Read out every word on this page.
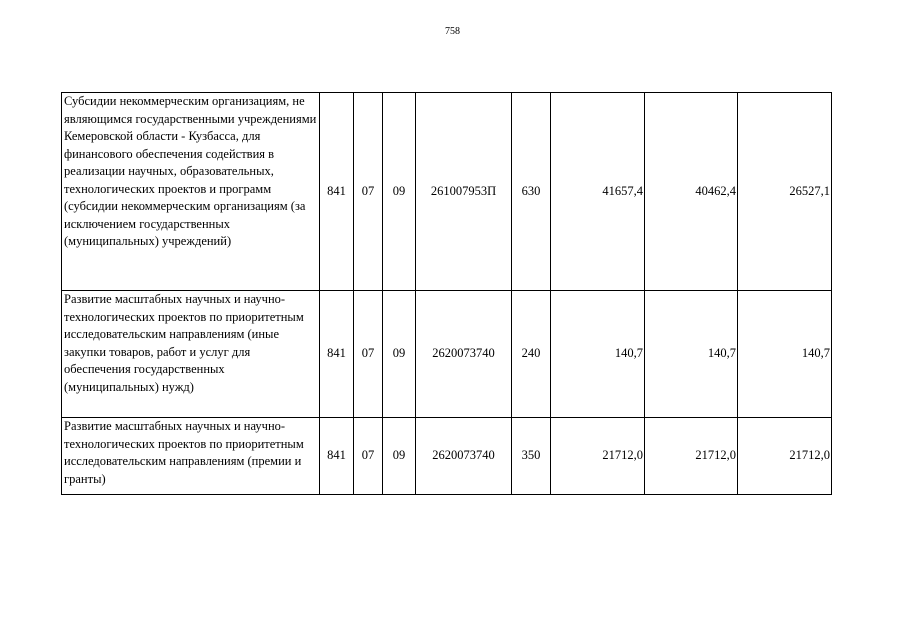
758
Субсидии некоммерческим организациям, не являющимся государственными учреждениями Кемеровской области - Кузбасса, для финансового обеспечения содействия в реализации научных, образовательных, технологических проектов и программ (субсидии некоммерческим организациям (за исключением государственных (муниципальных) учреждений)	841	07	09	261007953П	630	41657,4	40462,4	26527,1
Развитие масштабных научных и научно-технологических проектов по приоритетным исследовательским направлениям (иные закупки товаров, работ и услуг для обеспечения государственных (муниципальных) нужд)	841	07	09	2620073740	240	140,7	140,7	140,7
Развитие масштабных научных и научно-технологических проектов по приоритетным исследовательским направлениям (премии и гранты)	841	07	09	2620073740	350	21712,0	21712,0	21712,0
